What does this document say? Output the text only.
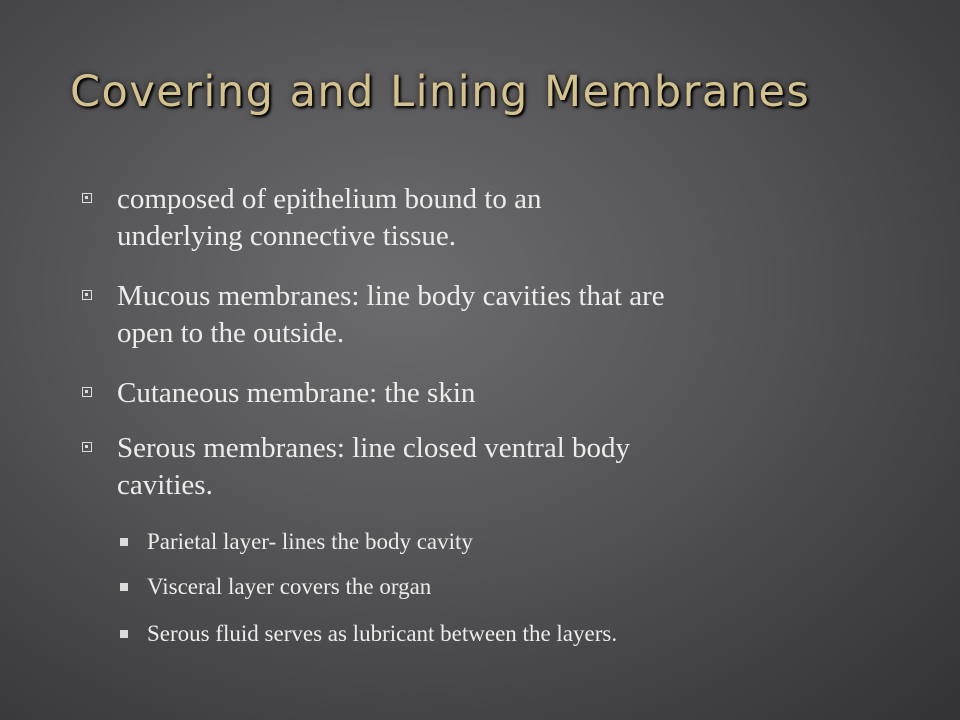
Covering and Lining Membranes
composed of epithelium bound to an
underlying connective tissue.
Mucous membranes: line body cavities that are
open to the outside.
Cutaneous membrane: the skin
Serous membranes: line closed ventral body
cavities.
Parietal layer- lines the body cavity
Visceral layer covers the organ
Serous fluid serves as lubricant between the layers.
